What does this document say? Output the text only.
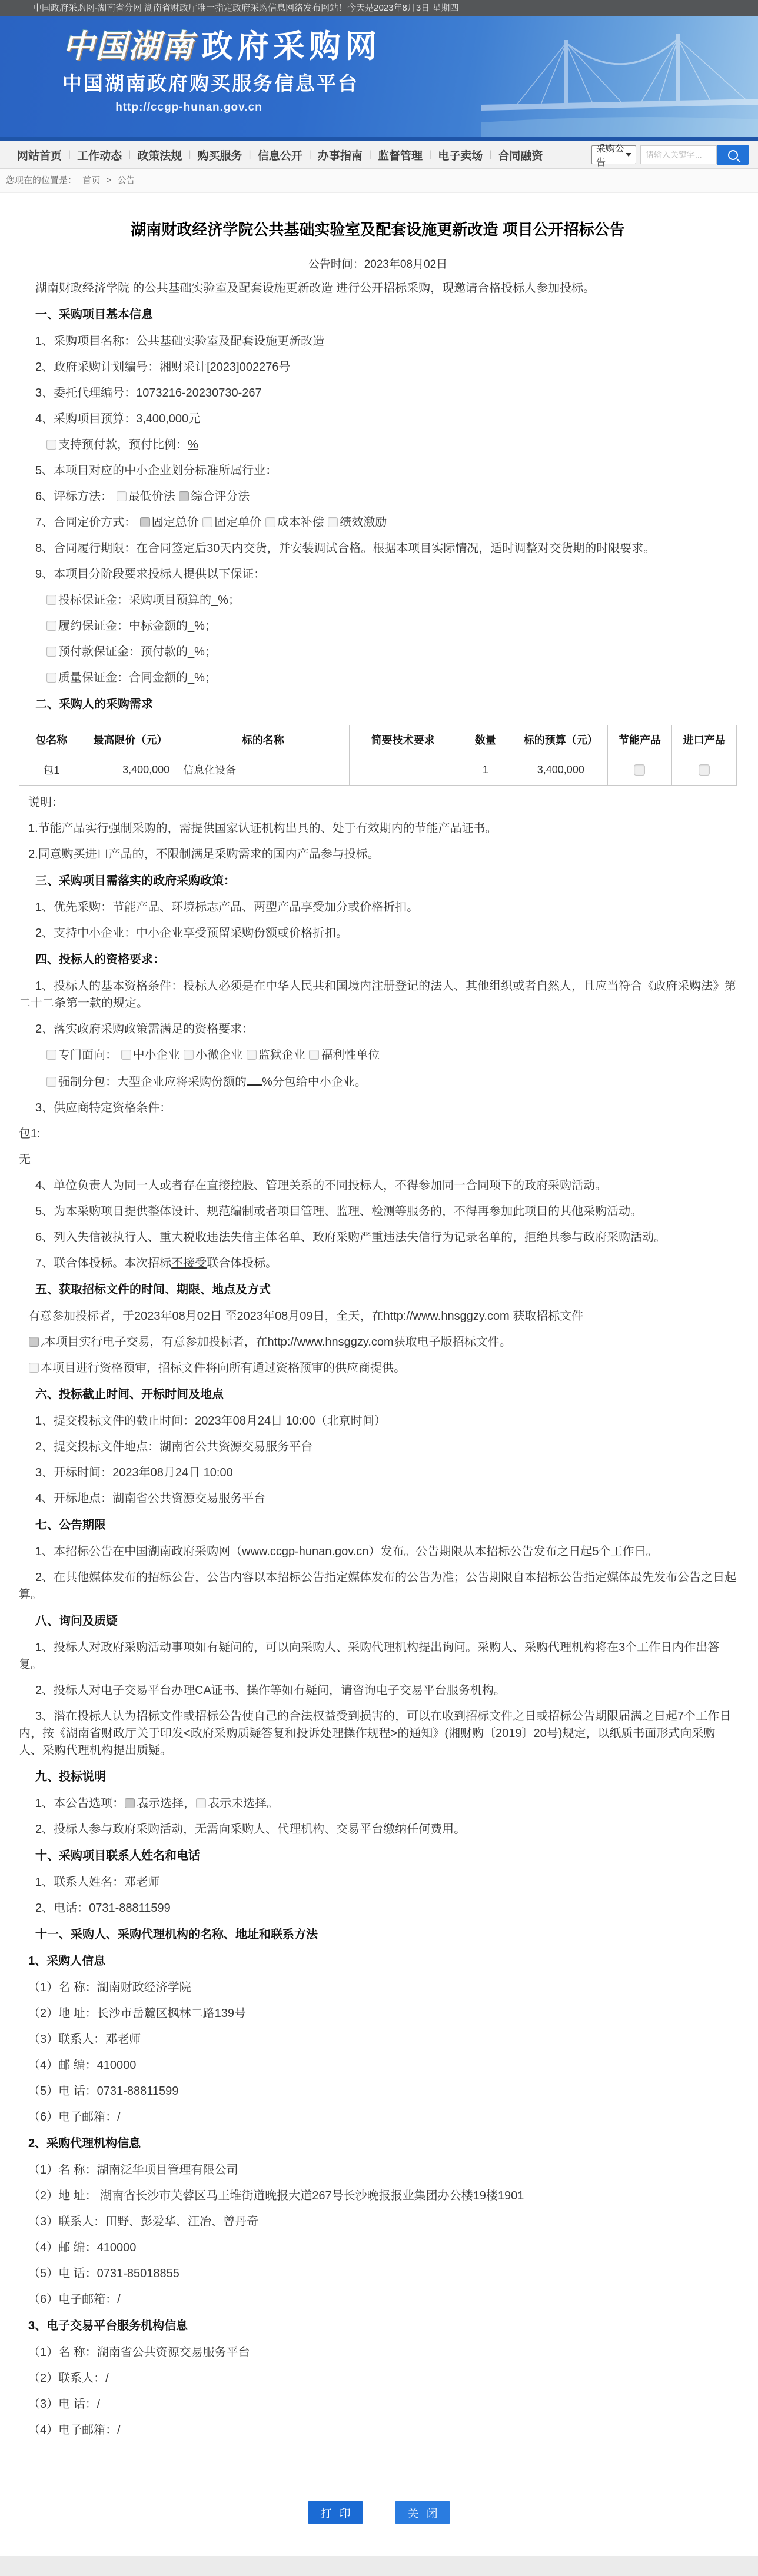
中国政府采购网-湖南省分网 湖南省财政厅唯一指定政府采购信息网络发布网站！今天是2023年8月3日 星期四
中国湖南 政府采购网
中国湖南政府购买服务信息平台
http://ccgp-hunan.gov.cn
网站首页 | 工作动态 | 政策法规 | 购买服务 | 信息公开 | 办事指南 | 监督管理 | 电子卖场 | 合同融资
采购公告
请输入关键字...
您现在的位置是： 首页 > 公告
湖南财政经济学院公共基础实验室及配套设施更新改造 项目公开招标公告
公告时间：2023年08月02日

湖南财政经济学院 的公共基础实验室及配套设施更新改造 进行公开招标采购，现邀请合格投标人参加投标。

一、采购项目基本信息

1、采购项目名称：公共基础实验室及配套设施更新改造

2、政府采购计划编号：湘财采计[2023]002276号

3、委托代理编号：1073216-20230730-267

4、采购项目预算：3,400,000元

支持预付款，预付比例：%

5、本项目对应的中小企业划分标准所属行业：

6、评标方法： 最低价法 ✓综合评分法

7、合同定价方式： ✓固定总价 固定单价 成本补偿 绩效激励

8、合同履行期限：在合同签定后30天内交货，并安装调试合格。根据本项目实际情况，适时调整对交货期的时限要求。

9、本项目分阶段要求投标人提供以下保证：

投标保证金：采购项目预算的_%；

履约保证金：中标金额的_%；

预付款保证金：预付款的_%；

质量保证金：合同金额的_%；

二、采购人的采购需求
包名称	最高限价（元）	标的名称	简要技术要求	数量	标的预算（元）	节能产品	进口产品
包1	3,400,000	信息化设备		1	3,400,000		

说明：

1.节能产品实行强制采购的，需提供国家认证机构出具的、处于有效期内的节能产品证书。

2.同意购买进口产品的，不限制满足采购需求的国内产品参与投标。

三、采购项目需落实的政府采购政策：

1、优先采购：节能产品、环境标志产品、两型产品享受加分或价格折扣。

2、支持中小企业：中小企业享受预留采购份额或价格折扣。

四、投标人的资格要求：

1、投标人的基本资格条件：投标人必须是在中华人民共和国境内注册登记的法人、其他组织或者自然人，且应当符合《政府采购法》第二十二条第一款的规定。

2、落实政府采购政策需满足的资格要求：

专门面向： 中小企业 小微企业 监狱企业 福利性单位

强制分包：大型企业应将采购份额的 %分包给中小企业。

3、供应商特定资格条件：

包1:

无

4、单位负责人为同一人或者存在直接控股、管理关系的不同投标人，不得参加同一合同项下的政府采购活动。

5、为本采购项目提供整体设计、规范编制或者项目管理、监理、检测等服务的，不得再参加此项目的其他采购活动。

6、列入失信被执行人、重大税收违法失信主体名单、政府采购严重违法失信行为记录名单的，拒绝其参与政府采购活动。

7、联合体投标。本次招标不接受联合体投标。

五、获取招标文件的时间、期限、地点及方式

有意参加投标者，于2023年08月02日 至2023年08月09日，全天，在http://www.hnsggzy.com 获取招标文件

✓ 本项目实行电子交易，有意参加投标者，在http://www.hnsggzy.com获取电子版招标文件。

本项目进行资格预审，招标文件将向所有通过资格预审的供应商提供。

六、投标截止时间、开标时间及地点

1、提交投标文件的截止时间：2023年08月24日 10:00（北京时间）

2、提交投标文件地点：湖南省公共资源交易服务平台

3、开标时间：2023年08月24日 10:00

4、开标地点：湖南省公共资源交易服务平台

七、公告期限

1、本招标公告在中国湖南政府采购网（www.ccgp-hunan.gov.cn）发布。公告期限从本招标公告发布之日起5个工作日。

2、在其他媒体发布的招标公告，公告内容以本招标公告指定媒体发布的公告为准；公告期限自本招标公告指定媒体最先发布公告之日起算。

八、询问及质疑

1、投标人对政府采购活动事项如有疑问的，可以向采购人、采购代理机构提出询问。采购人、采购代理机构将在3个工作日内作出答复。

2、投标人对电子交易平台办理CA证书、操作等如有疑问，请咨询电子交易平台服务机构。

3、潜在投标人认为招标文件或招标公告使自己的合法权益受到损害的，可以在收到招标文件之日或招标公告期限届满之日起7个工作日内，按《湖南省财政厅关于印发<政府采购质疑答复和投诉处理操作规程>的通知》(湘财购〔2019〕20号)规定，以纸质书面形式向采购人、采购代理机构提出质疑。

九、投标说明

1、本公告选项： ✓ 表示选择， 表示未选择。

2、投标人参与政府采购活动，无需向采购人、代理机构、交易平台缴纳任何费用。

十、采购项目联系人姓名和电话

1、联系人姓名：邓老师

2、电话：0731-88811599

十一、采购人、采购代理机构的名称、地址和联系方法
1、采购人信息

（1）名 称：湖南财政经济学院

（2）地 址：长沙市岳麓区枫林二路139号

（3）联系人：邓老师

（4）邮 编：410000

（5）电 话：0731-88811599

（6）电子邮箱：/

2、采购代理机构信息

（1）名 称：湖南泛华项目管理有限公司

（2）地 址： 湖南省长沙市芙蓉区马王堆街道晚报大道267号长沙晚报报业集团办公楼19楼1901

（3）联系人：田野、彭爱华、汪冶、曾丹奇

（4）邮 编：410000

（5）电 话：0731-85018855

（6）电子邮箱：/

3、电子交易平台服务机构信息

（1）名 称：湖南省公共资源交易服务平台

（2）联系人：/

（3）电 话：/

（4）电子邮箱：/

打 印	关 闭
